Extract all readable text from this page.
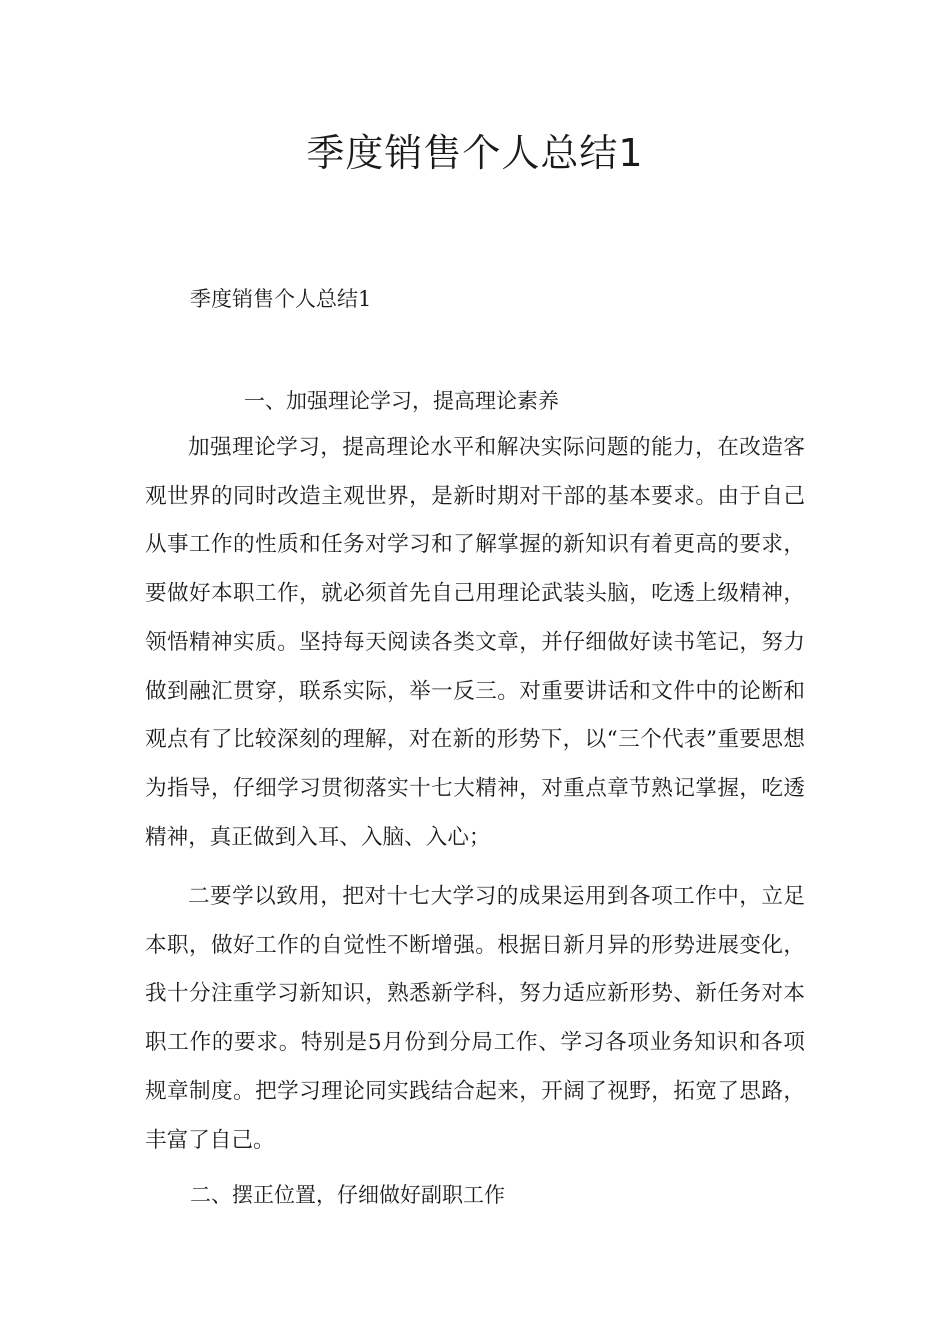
季度销售个人总结1

季度销售个人总结1

一、加强理论学习，提高理论素养

加强理论学习，提高理论水平和解决实际问题的能力，在改造客观世界的同时改造主观世界，是新时期对干部的基本要求。由于自己从事工作的性质和任务对学习和了解掌握的新知识有着更高的要求，要做好本职工作，就必须首先自己用理论武装头脑，吃透上级精神，领悟精神实质。坚持每天阅读各类文章，并仔细做好读书笔记，努力做到融汇贯穿，联系实际，举一反三。对重要讲话和文件中的论断和观点有了比较深刻的理解，对在新的形势下，以“三个代表”重要思想为指导，仔细学习贯彻落实十七大精神，对重点章节熟记掌握，吃透精神，真正做到入耳、入脑、入心；

二要学以致用，把对十七大学习的成果运用到各项工作中，立足本职，做好工作的自觉性不断增强。根据日新月异的形势进展变化，我十分注重学习新知识，熟悉新学科，努力适应新形势、新任务对本职工作的要求。特别是5月份到分局工作、学习各项业务知识和各项规章制度。把学习理论同实践结合起来，开阔了视野，拓宽了思路，丰富了自己。

二、摆正位置，仔细做好副职工作
